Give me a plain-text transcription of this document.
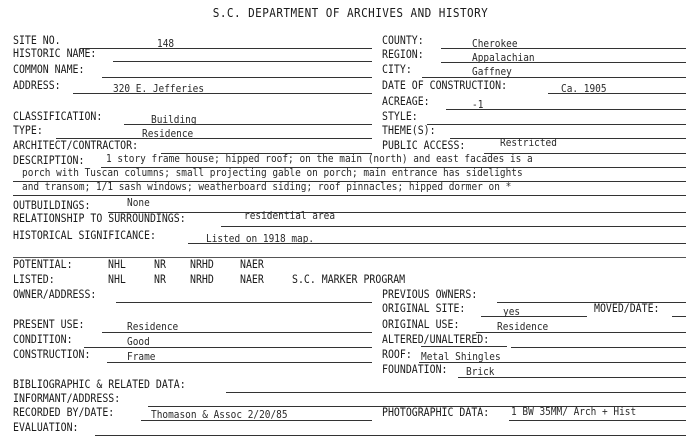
S.C. DEPARTMENT OF ARCHIVES AND HISTORY
SITE NO.	148	COUNTY:	Cherokee
HISTORIC NAME:	REGION:	Appalachian
COMMON NAME:	CITY:	Gaffney
ADDRESS:	320 E. Jefferies	DATE OF CONSTRUCTION:	Ca. 1905
ACREAGE:	-1
CLASSIFICATION:	Building	STYLE:
TYPE:	Residence	THEME(S):
ARCHITECT/CONTRACTOR:	PUBLIC ACCESS:	Restricted
DESCRIPTION: 1 story frame house; hipped roof; on the main (north) and east facades is a
porch with Tuscan columns; small projecting gable on porch; main entrance has sidelights
and transom; 1/1 sash windows; weatherboard siding; roof pinnacles; hipped dormer on *
OUTBUILDINGS:	None
RELATIONSHIP TO SURROUNDINGS:	residential area
HISTORICAL SIGNIFICANCE:	Listed on 1918 map.
POTENTIAL:	NHL NR NRHD NAER
LISTED:	NHL NR NRHD NAER S.C. MARKER PROGRAM
OWNER/ADDRESS:	PREVIOUS OWNERS:
ORIGINAL SITE:	yes	MOVED/DATE:
PRESENT USE:	Residence	ORIGINAL USE:	Residence
CONDITION:	Good	ALTERED/UNALTERED:
CONSTRUCTION:	Frame	ROOF: Metal Shingles
FOUNDATION: Brick
BIBLIOGRAPHIC & RELATED DATA:
INFORMANT/ADDRESS:
RECORDED BY/DATE:	Thomason & Assoc 2/20/85	PHOTOGRAPHIC DATA: 1 BW 35MM/ Arch + Hist
EVALUATION:
